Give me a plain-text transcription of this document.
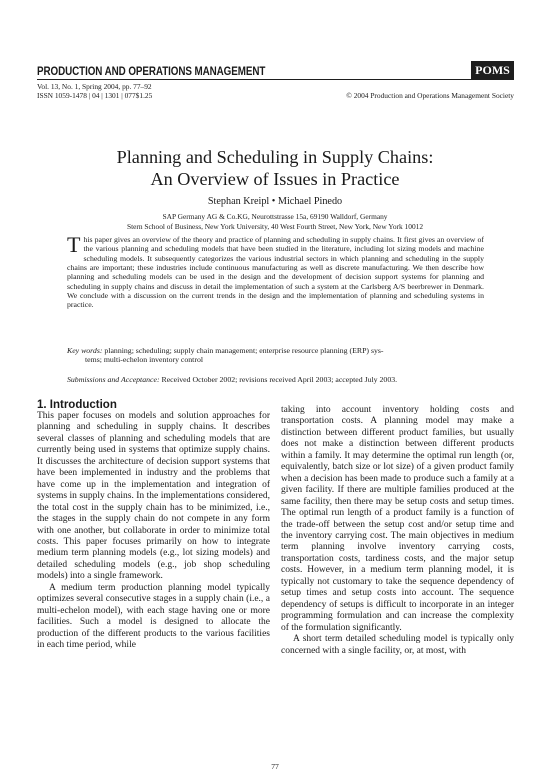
PRODUCTION AND OPERATIONS MANAGEMENT	POMS
Vol. 13, No. 1, Spring 2004, pp. 77–92
ISSN 1059-1478 | 04 | 1301 | 077$1.25	© 2004 Production and Operations Management Society
Planning and Scheduling in Supply Chains:
An Overview of Issues in Practice
Stephan Kreipl • Michael Pinedo
SAP Germany AG & Co.KG, Neurottstrasse 15a, 69190 Walldorf, Germany
Stern School of Business, New York University, 40 West Fourth Street, New York, New York 10012

This paper gives an overview of the theory and practice of planning and scheduling in supply chains. It first gives an overview of the various planning and scheduling models that have been studied in the literature, including lot sizing models and machine scheduling models. It subsequently categorizes the various industrial sectors in which planning and scheduling in the supply chains are important; these industries include continuous manufacturing as well as discrete manufacturing. We then describe how planning and scheduling models can be used in the design and the development of decision support systems for planning and scheduling in supply chains and discuss in detail the implementation of such a system at the Carlsberg A/S beerbrewer in Denmark. We conclude with a discussion on the current trends in the design and the implementation of planning and scheduling systems in practice.

Key words: planning; scheduling; supply chain management; enterprise resource planning (ERP) sys-
tems; multi-echelon inventory control
Submissions and Acceptance: Received October 2002; revisions received April 2003; accepted July 2003.
1. Introduction

This paper focuses on models and solution approaches for planning and scheduling in supply chains. It describes several classes of planning and scheduling models that are currently being used in systems that optimize supply chains. It discusses the architecture of decision support systems that have been implemented in industry and the problems that have come up in the implementation and integration of systems in supply chains. In the implementations considered, the total cost in the supply chain has to be minimized, i.e., the stages in the supply chain do not compete in any form with one another, but collaborate in order to minimize total costs. This paper focuses primarily on how to integrate medium term planning models (e.g., lot sizing models) and detailed scheduling models (e.g., job shop scheduling models) into a single framework.

A medium term production planning model typically optimizes several consecutive stages in a supply chain (i.e., a multi-echelon model), with each stage having one or more facilities. Such a model is designed to allocate the production of the different products to the various facilities in each time period, while

taking into account inventory holding costs and transportation costs. A planning model may make a distinction between different product families, but usually does not make a distinction between different products within a family. It may determine the optimal run length (or, equivalently, batch size or lot size) of a given product family when a decision has been made to produce such a family at a given facility. If there are multiple families produced at the same facility, then there may be setup costs and setup times. The optimal run length of a product family is a function of the trade-off between the setup cost and/or setup time and the inventory carrying cost. The main objectives in medium term planning involve inventory carrying costs, transportation costs, tardiness costs, and the major setup costs. However, in a medium term planning model, it is typically not customary to take the sequence dependency of setup times and setup costs into account. The sequence dependency of setups is difficult to incorporate in an integer programming formulation and can increase the complexity of the formulation significantly.

A short term detailed scheduling model is typically only concerned with a single facility, or, at most, with

77
